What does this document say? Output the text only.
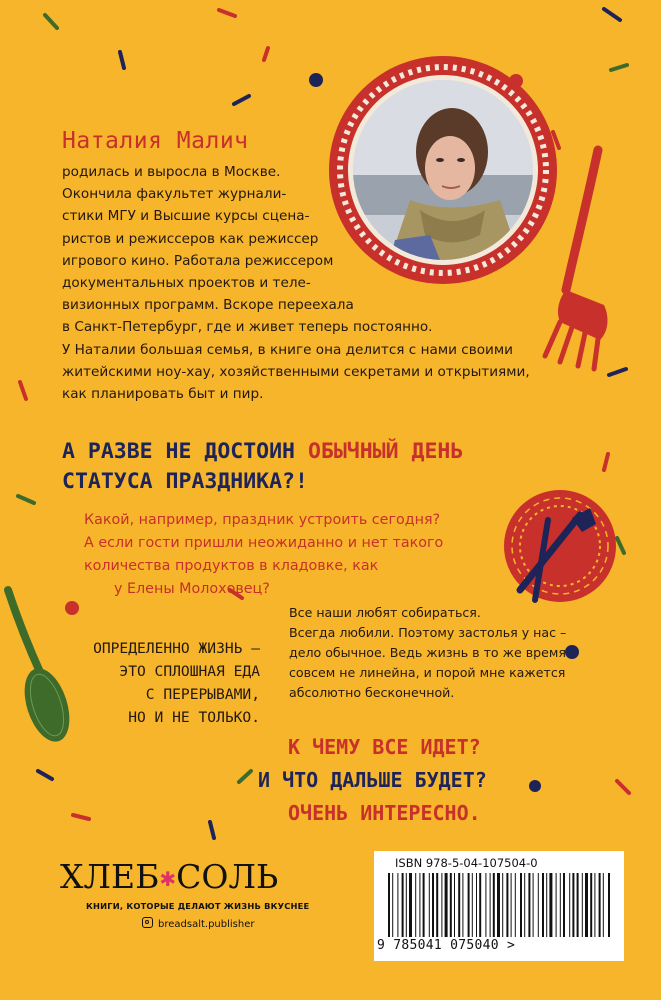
Наталия Малич
родилась и выросла в Москве.
Окончила факультет журнали-
стики МГУ и Высшие курсы сцена-
ристов и режиссеров как режиссер
игрового кино. Работала режиссером
документальных проектов и теле-
визионных программ. Вскоре переехала
в Санкт-Петербург, где и живет теперь постоянно.
У Наталии большая семья, в книге она делится с нами своими
житейскими ноу-хау, хозяйственными секретами и открытиями,
как планировать быт и пир.
А РАЗВЕ НЕ ДОСТОИН ОБЫЧНЫЙ ДЕНЬ
СТАТУСА ПРАЗДНИКА?!
Какой, например, праздник устроить сегодня?
А если гости пришли неожиданно и нет такого
количества продуктов в кладовке, как
у Елены Молоховец?
ОПРЕДЕЛЕННО ЖИЗНЬ –
ЭТО СПЛОШНАЯ ЕДА
С ПЕРЕРЫВАМИ,
НО И НЕ ТОЛЬКО.
Все наши любят собираться.
Всегда любили. Поэтому застолья у нас –
дело обычное. Ведь жизнь в то же время
совсем не линейна, и порой мне кажется
абсолютно бесконечной.
К ЧЕМУ ВСЕ ИДЕТ?
И ЧТО ДАЛЬШЕ БУДЕТ?
ОЧЕНЬ ИНТЕРЕСНО.
ХЛЕБ✱СОЛЬ
КНИГИ, КОТОРЫЕ ДЕЛАЮТ ЖИЗНЬ ВКУСНЕЕ
breadsalt.publisher
ISBN 978-5-04-107504-0
9 785041 075040 >
